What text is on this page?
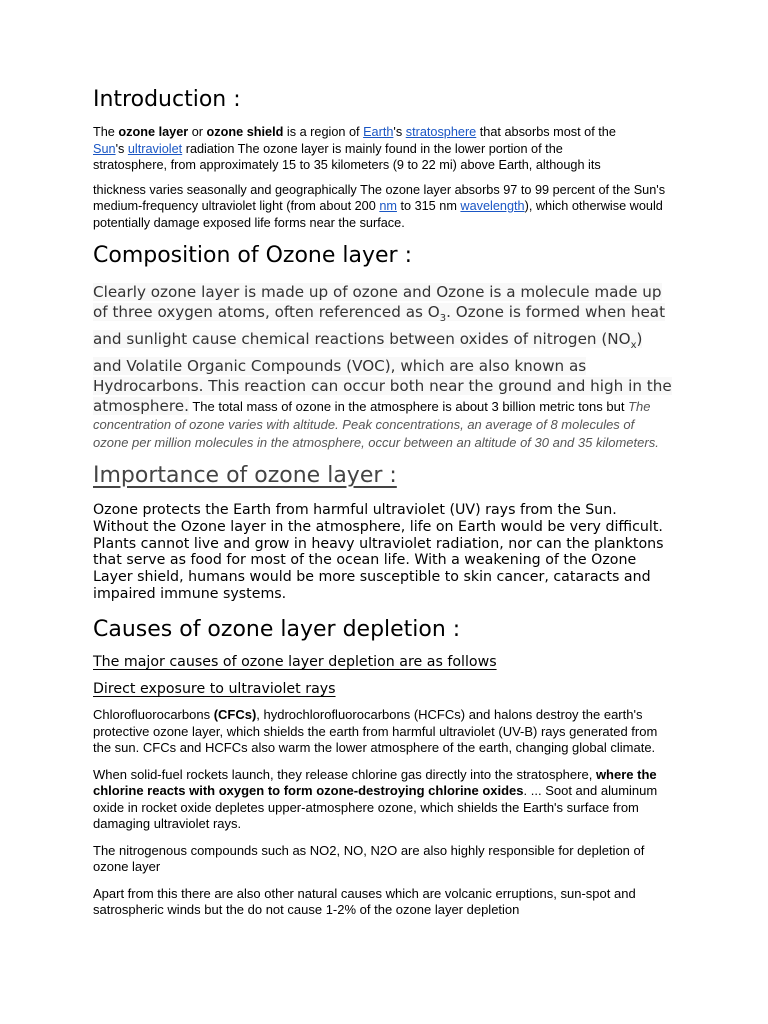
Introduction :

The ozone layer or ozone shield is a region of Earth's stratosphere that absorbs most of the Sun's ultraviolet radiation The ozone layer is mainly found in the lower portion of the stratosphere, from approximately 15 to 35 kilometers (9 to 22 mi) above Earth, although its

thickness varies seasonally and geographically The ozone layer absorbs 97 to 99 percent of the Sun's medium-frequency ultraviolet light (from about 200 nm to 315 nm wavelength), which otherwise would potentially damage exposed life forms near the surface.

Composition of Ozone layer :

Clearly ozone layer is made up of ozone and Ozone is a molecule made up of three oxygen atoms, often referenced as $O_3$. Ozone is formed when heat and sunlight cause chemical reactions between oxides of nitrogen $(NO_x)$ and Volatile Organic Compounds (VOC), which are also known as Hydrocarbons. This reaction can occur both near the ground and high in the atmosphere. The total mass of ozone in the atmosphere is about 3 billion metric tons but The concentration of ozone varies with altitude. Peak concentrations, an average of 8 molecules of ozone per million molecules in the atmosphere, occur between an altitude of 30 and 35 kilometers.

Importance of ozone layer :

Ozone protects the Earth from harmful ultraviolet (UV) rays from the Sun. Without the Ozone layer in the atmosphere, life on Earth would be very difficult. Plants cannot live and grow in heavy ultraviolet radiation, nor can the planktons that serve as food for most of the ocean life. With a weakening of the Ozone Layer shield, humans would be more susceptible to skin cancer, cataracts and impaired immune systems.

Causes of ozone layer depletion :

The major causes of ozone layer depletion are as follows

Direct exposure to ultraviolet rays

Chlorofluorocarbons (CFCs), hydrochlorofluorocarbons (HCFCs) and halons destroy the earth's protective ozone layer, which shields the earth from harmful ultraviolet (UV-B) rays generated from the sun. CFCs and HCFCs also warm the lower atmosphere of the earth, changing global climate.

When solid-fuel rockets launch, they release chlorine gas directly into the stratosphere, where the chlorine reacts with oxygen to form ozone-destroying chlorine oxides. ... Soot and aluminum oxide in rocket oxide depletes upper-atmosphere ozone, which shields the Earth's surface from damaging ultraviolet rays.

The nitrogenous compounds such as NO2, NO, N2O are also highly responsible for depletion of ozone layer

Apart from this there are also other natural causes which are volcanic erruptions, sun-spot and satrospheric winds but the do not cause 1-2% of the ozone layer depletion
